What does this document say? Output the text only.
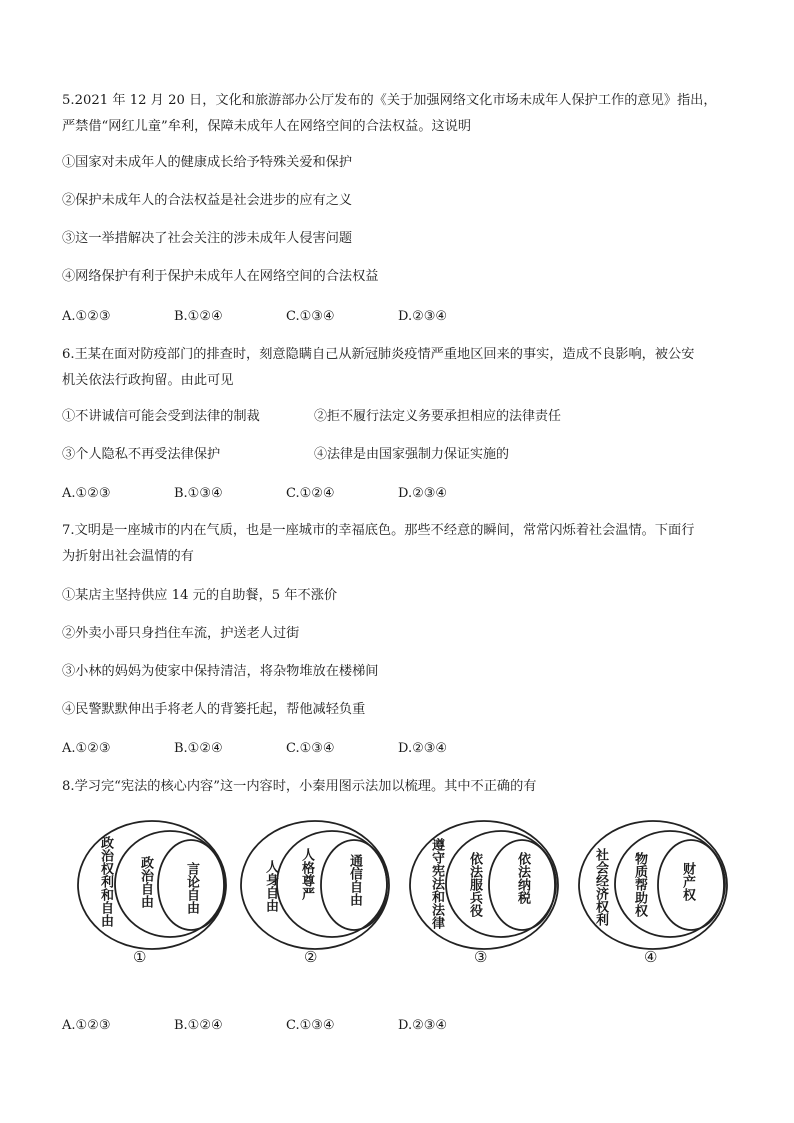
5.2021 年 12 月 20 日，文化和旅游部办公厅发布的《关于加强网络文化市场未成年人保护工作的意见》指出，
严禁借“网红儿童”牟利，保障未成年人在网络空间的合法权益。这说明
①国家对未成年人的健康成长给予特殊关爱和保护
②保护未成年人的合法权益是社会进步的应有之义
③这一举措解决了社会关注的涉未成年人侵害问题
④网络保护有利于保护未成年人在网络空间的合法权益
A.①②③	B.①②④	C.①③④	D.②③④
6.王某在面对防疫部门的排查时，刻意隐瞒自己从新冠肺炎疫情严重地区回来的事实，造成不良影响，被公安
机关依法行政拘留。由此可见
①不讲诚信可能会受到法律的制裁	②拒不履行法定义务要承担相应的法律责任
③个人隐私不再受法律保护	④法律是由国家强制力保证实施的
A.①②③	B.①③④	C.①②④	D.②③④
7.文明是一座城市的内在气质，也是一座城市的幸福底色。那些不经意的瞬间，常常闪烁着社会温情。下面行
为折射出社会温情的有
①某店主坚持供应 14 元的自助餐，5 年不涨价
②外卖小哥只身挡住车流，护送老人过街
③小林的妈妈为使家中保持清洁，将杂物堆放在楼梯间
④民警默默伸出手将老人的背篓托起，帮他减轻负重
A.①②③	B.①②④	C.①③④	D.②③④
8.学习完“宪法的核心内容”这一内容时，小秦用图示法加以梳理。其中不正确的有
政治权利和自由 政治自由 言论自由
①
人身自由 人格尊严	通信自由
②
遵守宪法和法律 依法服兵役	依法纳税
③
社会经济权利 物质帮助权	财产权
④
A.①②③	B.①②④	C.①③④	D.②③④
